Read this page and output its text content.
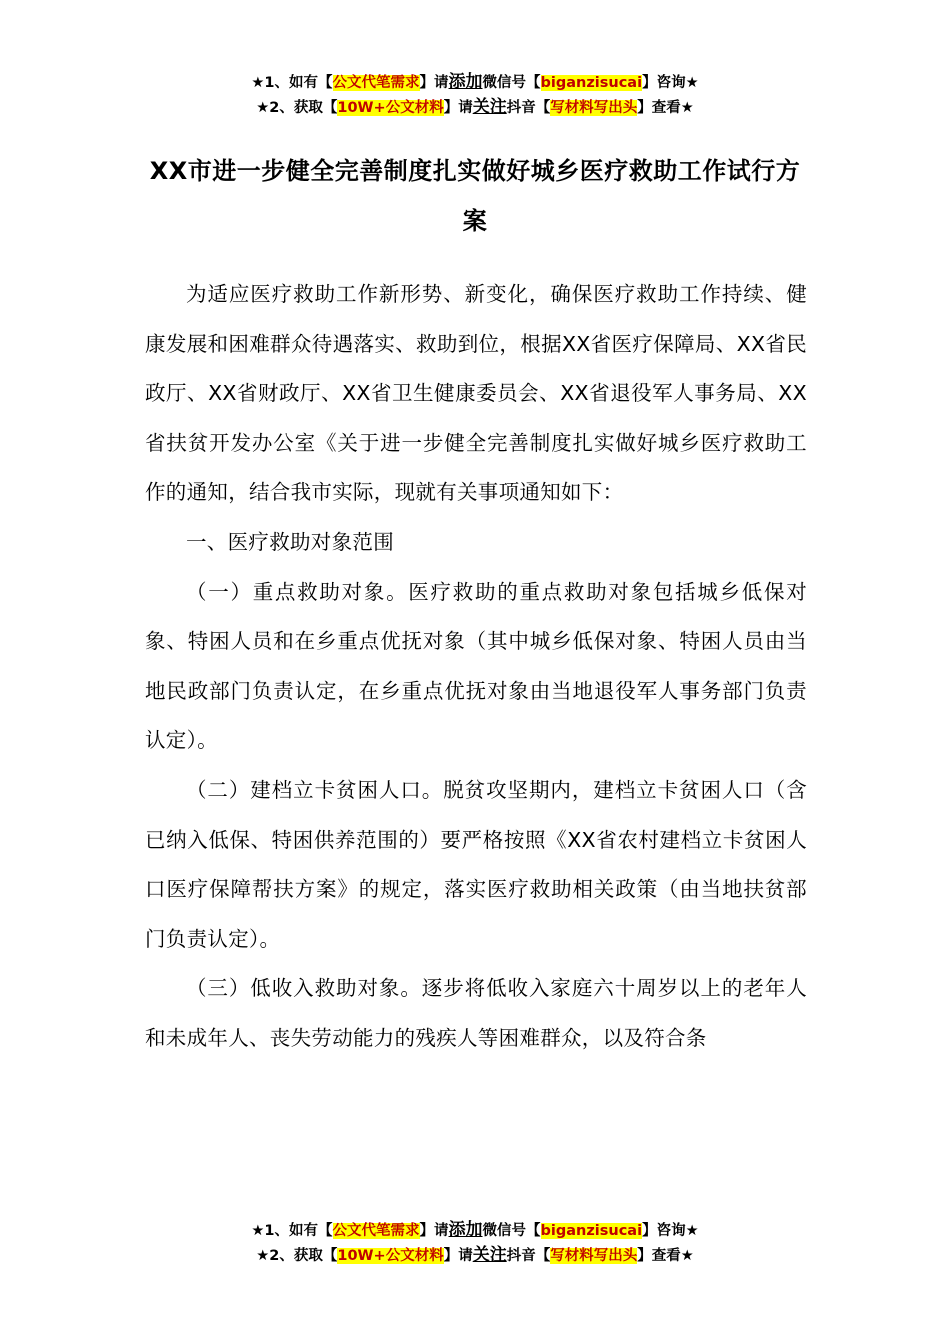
★1、如有【公文代笔需求】请添加微信号【biganzisucai】咨询★
★2、获取【10W+公文材料】请关注抖音【写材料写出头】查看★
XX市进一步健全完善制度扎实做好城乡医疗救助工作试行方案

为适应医疗救助工作新形势、新变化，确保医疗救助工作持续、健康发展和困难群众待遇落实、救助到位，根据XX省医疗保障局、XX省民政厅、XX省财政厅、XX省卫生健康委员会、XX省退役军人事务局、XX省扶贫开发办公室《关于进一步健全完善制度扎实做好城乡医疗救助工作的通知，结合我市实际，现就有关事项通知如下：

一、医疗救助对象范围

（一）重点救助对象。医疗救助的重点救助对象包括城乡低保对象、特困人员和在乡重点优抚对象（其中城乡低保对象、特困人员由当地民政部门负责认定，在乡重点优抚对象由当地退役军人事务部门负责认定）。

（二）建档立卡贫困人口。脱贫攻坚期内，建档立卡贫困人口（含已纳入低保、特困供养范围的）要严格按照《XX省农村建档立卡贫困人口医疗保障帮扶方案》的规定，落实医疗救助相关政策（由当地扶贫部门负责认定）。

（三）低收入救助对象。逐步将低收入家庭六十周岁以上的老年人和未成年人、丧失劳动能力的残疾人等困难群众，以及符合条

★1、如有【公文代笔需求】请添加微信号【biganzisucai】咨询★
★2、获取【10W+公文材料】请关注抖音【写材料写出头】查看★
